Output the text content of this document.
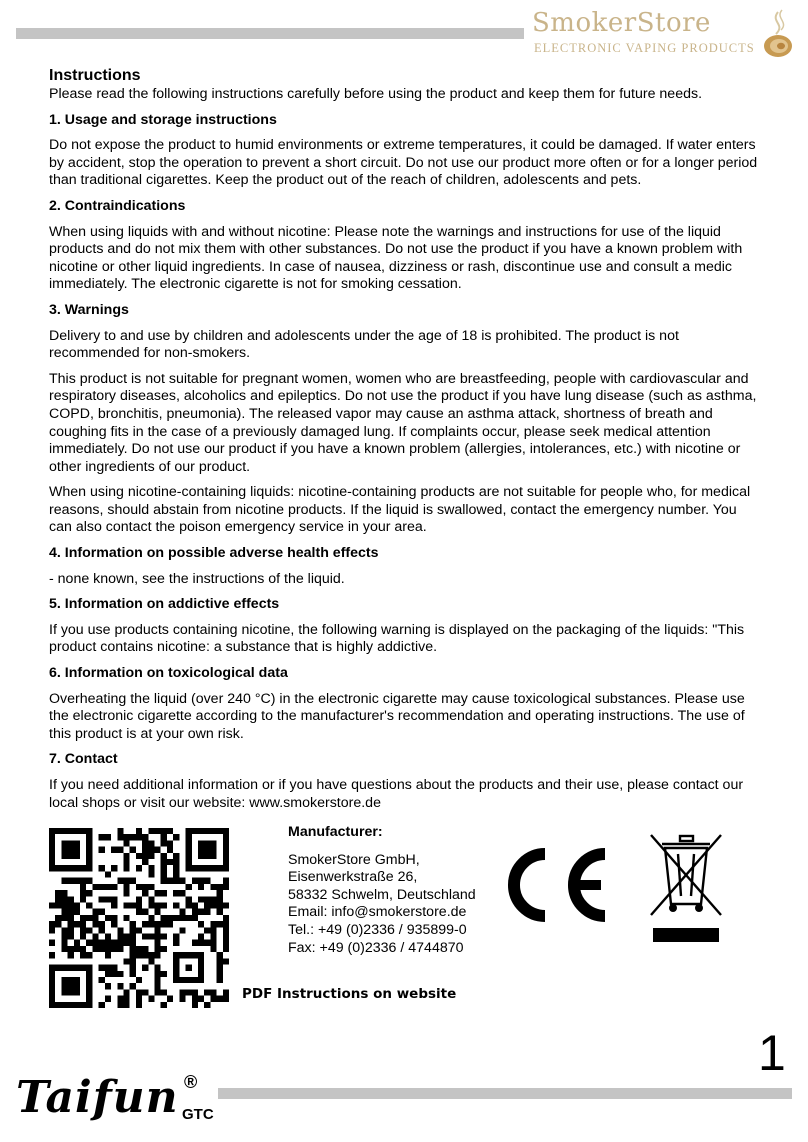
SmokerStore
ELECTRONIC VAPING PRODUCTS
Instructions

Please read the following instructions carefully before using the product and keep them for future needs.

1. Usage and storage instructions

Do not expose the product to humid environments or extreme temperatures, it could be damaged. If water enters by accident, stop the operation to prevent a short circuit. Do not use our product more often or for a longer period than traditional cigarettes. Keep the product out of the reach of children, adolescents and pets.

2. Contraindications

When using liquids with and without nicotine: Please note the warnings and instructions for use of the liquid products and do not mix them with other substances. Do not use the product if you have a known problem with nicotine or other liquid ingredients. In case of nausea, dizziness or rash, discontinue use and consult a medic immediately. The electronic cigarette is not for smoking cessation.

3. Warnings

Delivery to and use by children and adolescents under the age of 18 is prohibited. The product is not recommended for non-smokers.

This product is not suitable for pregnant women, women who are breastfeeding, people with cardiovascular and respiratory diseases, alcoholics and epileptics. Do not use the product if you have lung disease (such as asthma, COPD, bronchitis, pneumonia). The released vapor may cause an asthma attack, shortness of breath and coughing fits in the case of a previously damaged lung. If complaints occur, please seek medical attention immediately. Do not use our product if you have a known problem (allergies, intolerances, etc.) with nicotine or other ingredients of our product.

When using nicotine-containing liquids: nicotine-containing products are not suitable for people who, for medical reasons, should abstain from nicotine products. If the liquid is swallowed, contact the emergency number. You can also contact the poison emergency service in your area.

4. Information on possible adverse health effects

- none known, see the instructions of the liquid.

5. Information on addictive effects

If you use products containing nicotine, the following warning is displayed on the packaging of the liquids: "This product contains nicotine: a substance that is highly addictive.

6. Information on toxicological data

Overheating the liquid (over 240 °C) in the electronic cigarette may cause toxicological substances. Please use the electronic cigarette according to the manufacturer's recommendation and operating instructions. The use of this product is at your own risk.

7. Contact

If you need additional information or if you have questions about the products and their use, please contact our local shops or visit our website: www.smokerstore.de

PDF Instructions on website
Manufacturer:
SmokerStore GmbH,
Eisenwerkstraße 26,
58332 Schwelm, Deutschland
Email: info@smokerstore.de
Tel.: +49 (0)2336 / 935899-0
Fax: +49 (0)2336 / 4744870
1
Taifun ®
GTC
